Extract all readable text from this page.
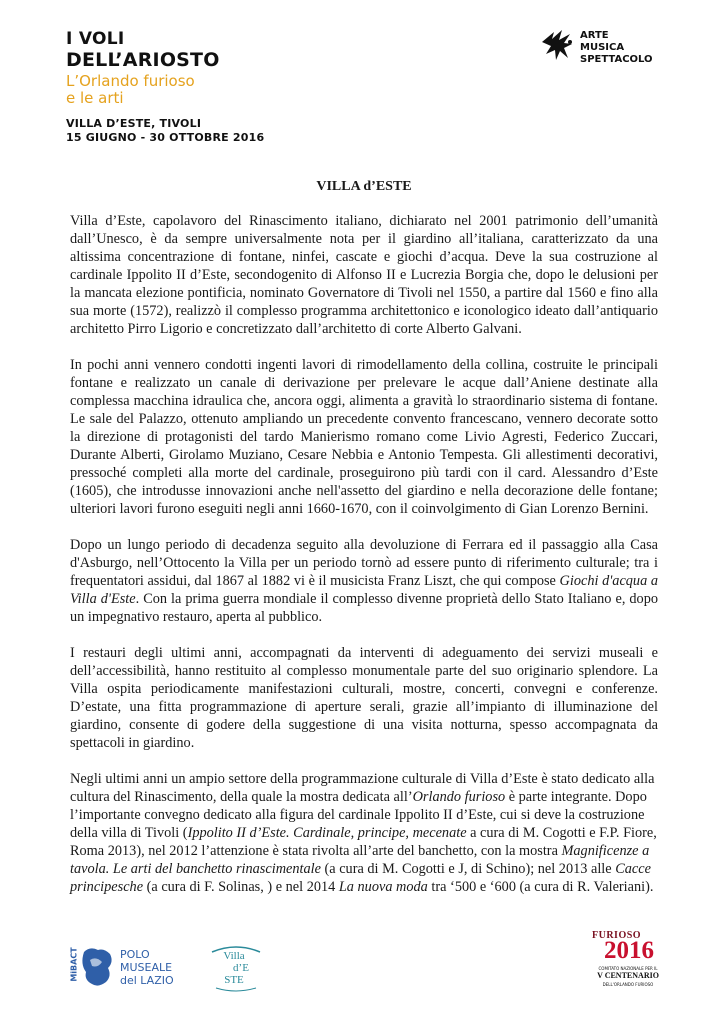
I VOLI
DELL’ARIOSTO
L’Orlando furioso
e le arti
VILLA D’ESTE, TIVOLI
15 GIUGNO - 30 OTTOBRE 2016
ARTE
MUSICA
SPETTACOLO
VILLA d’ESTE

Villa d’Este, capolavoro del Rinascimento italiano, dichiarato nel 2001 patrimonio dell’umanità dall’Unesco, è da sempre universalmente nota per il giardino all’italiana, caratterizzato da una altissima concentrazione di fontane, ninfei, cascate e giochi d’acqua. Deve la sua costruzione al cardinale Ippolito II d’Este, secondogenito di Alfonso II e Lucrezia Borgia che, dopo le delusioni per la mancata elezione pontificia, nominato Governatore di Tivoli nel 1550, a partire dal 1560 e fino alla sua morte (1572), realizzò il complesso programma architettonico e iconologico ideato dall’antiquario architetto Pirro Ligorio e concretizzato dall’architetto di corte Alberto Galvani.

In pochi anni vennero condotti ingenti lavori di rimodellamento della collina, costruite le principali fontane e realizzato un canale di derivazione per prelevare le acque dall’Aniene destinate alla complessa macchina idraulica che, ancora oggi, alimenta a gravità lo straordinario sistema di fontane. Le sale del Palazzo, ottenuto ampliando un precedente convento francescano, vennero decorate sotto la direzione di protagonisti del tardo Manierismo romano come Livio Agresti, Federico Zuccari, Durante Alberti, Girolamo Muziano, Cesare Nebbia e Antonio Tempesta. Gli allestimenti decorativi, pressoché completi alla morte del cardinale, proseguirono più tardi con il card. Alessandro d’Este (1605), che introdusse innovazioni anche nell'assetto del giardino e nella decorazione delle fontane; ulteriori lavori furono eseguiti negli anni 1660-1670, con il coinvolgimento di Gian Lorenzo Bernini.

Dopo un lungo periodo di decadenza seguito alla devoluzione di Ferrara ed il passaggio alla Casa d'Asburgo, nell’Ottocento la Villa per un periodo tornò ad essere punto di riferimento culturale; tra i frequentatori assidui, dal 1867 al 1882 vi è il musicista Franz Liszt, che qui compose Giochi d'acqua a Villa d'Este. Con la prima guerra mondiale il complesso divenne proprietà dello Stato Italiano e, dopo un impegnativo restauro, aperta al pubblico.

I restauri degli ultimi anni, accompagnati da interventi di adeguamento dei servizi museali e dell’accessibilità, hanno restituito al complesso monumentale parte del suo originario splendore. La Villa ospita periodicamente manifestazioni culturali, mostre, concerti, convegni e conferenze. D’estate, una fitta programmazione di aperture serali, grazie all’impianto di illuminazione del giardino, consente di godere della suggestione di una visita notturna, spesso accompagnata da spettacoli in giardino.

Negli ultimi anni un ampio settore della programmazione culturale di Villa d’Este è stato dedicato alla cultura del Rinascimento, della quale la mostra dedicata all’Orlando furioso è parte integrante. Dopo l’importante convegno dedicato alla figura del cardinale Ippolito II d’Este, cui si deve la costruzione della villa di Tivoli (Ippolito II d’Este. Cardinale, principe, mecenate a cura di M. Cogotti e F.P. Fiore, Roma 2013), nel 2012 l’attenzione è stata rivolta all’arte del banchetto, con la mostra Magnificenze a tavola. Le arti del banchetto rinascimentale (a cura di M. Cogotti e J, di Schino); nel 2013 alle Cacce principesche (a cura di F. Solinas, ) e nel 2014 La nuova moda tra ‘500 e ‘600 (a cura di R. Valeriani).

MiBACT	POLO
MUSEALE
del LAZIO
Villa
d’E
STE
FURIOSO
2016
COMITATO NAZIONALE PER IL
V CENTENARIO
DELL'ORLANDO FURIOSO
